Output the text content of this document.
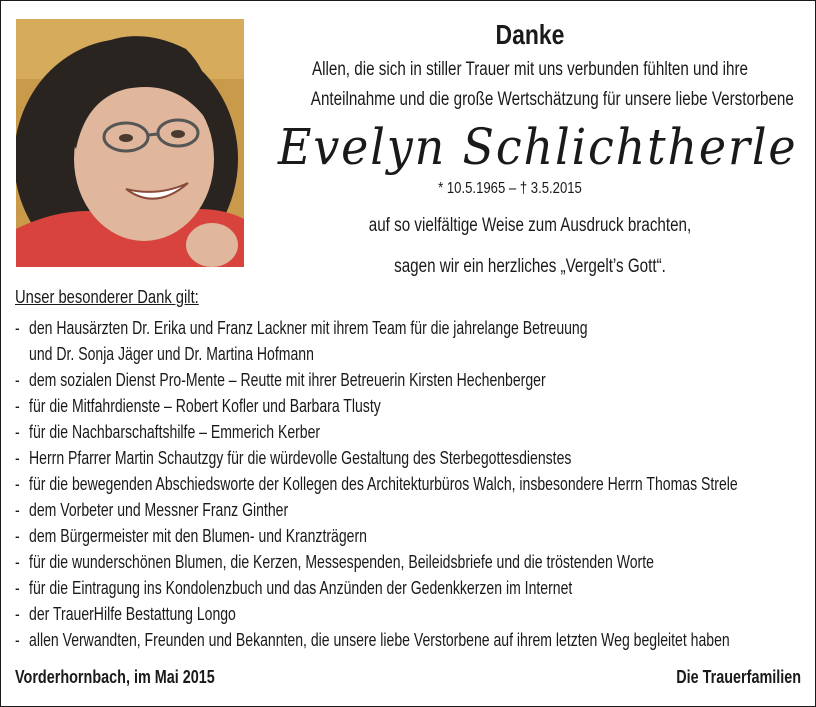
Danke
Allen, die sich in stiller Trauer mit uns verbunden fühlten und ihre
Anteilnahme und die große Wertschätzung für unsere liebe Verstorbene
Evelyn Schlichtherle
* 10.5.1965 – † 3.5.2015
auf so vielfältige Weise zum Ausdruck brachten,
sagen wir ein herzliches „Vergelt’s Gott“.
Unser besonderer Dank gilt:
- den Hausärzten Dr. Erika und Franz Lackner mit ihrem Team für die jahrelange Betreuung
und Dr. Sonja Jäger und Dr. Martina Hofmann
- dem sozialen Dienst Pro-Mente – Reutte mit ihrer Betreuerin Kirsten Hechenberger
- für die Mitfahrdienste – Robert Kofler und Barbara Tlusty
- für die Nachbarschaftshilfe – Emmerich Kerber
- Herrn Pfarrer Martin Schautzgy für die würdevolle Gestaltung des Sterbegottesdienstes
- für die bewegenden Abschiedsworte der Kollegen des Architekturbüros Walch, insbesondere Herrn Thomas Strele
- dem Vorbeter und Messner Franz Ginther
- dem Bürgermeister mit den Blumen- und Kranzträgern
- für die wunderschönen Blumen, die Kerzen, Messespenden, Beileidsbriefe und die tröstenden Worte
- für die Eintragung ins Kondolenzbuch und das Anzünden der Gedenkkerzen im Internet
- der TrauerHilfe Bestattung Longo
- allen Verwandten, Freunden und Bekannten, die unsere liebe Verstorbene auf ihrem letzten Weg begleitet haben
Vorderhornbach, im Mai 2015	Die Trauerfamilien
